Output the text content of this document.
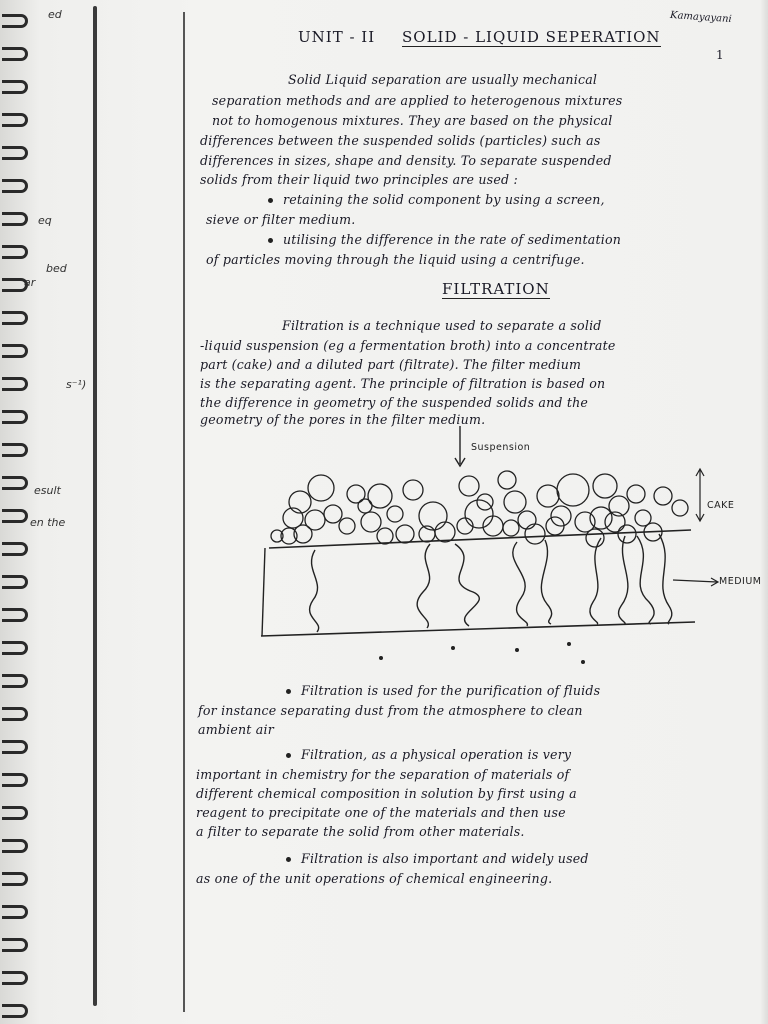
ed
eq
bed
ar
s⁻¹)
esult
en the
UNIT - II SOLID - LIQUID SEPERATION
Kamayayani
1
Solid Liquid separation are usually mechanical
separation methods and are applied to heterogenous mixtures
not to homogenous mixtures. They are based on the physical
differences between the suspended solids (particles) such as
differences in sizes, shape and density. To separate suspended
solids from their liquid two principles are used :
retaining the solid component by using a screen,
sieve or filter medium.
utilising the difference in the rate of sedimentation
of particles moving through the liquid using a centrifuge.
FILTRATION
Filtration is a technique used to separate a solid
-liquid suspension (eg a fermentation broth) into a concentrate
part (cake) and a diluted part (filtrate). The filter medium
is the separating agent. The principle of filtration is based on
the difference in geometry of the suspended solids and the
geometry of the pores in the filter medium.
Suspension
CAKE
MEDIUM
Filtration is used for the purification of fluids
for instance separating dust from the atmosphere to clean
ambient air
Filtration, as a physical operation is very
important in chemistry for the separation of materials of
different chemical composition in solution by first using a
reagent to precipitate one of the materials and then use
a filter to separate the solid from other materials.
Filtration is also important and widely used
as one of the unit operations of chemical engineering.
